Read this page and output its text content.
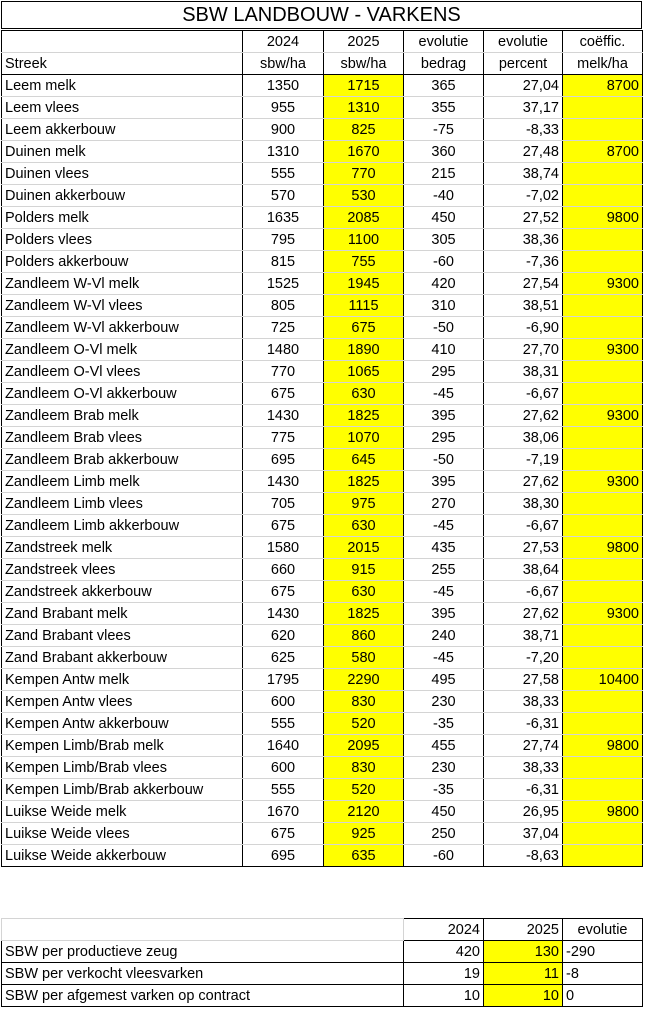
SBW LANDBOUW - VARKENS
	2024	2025	evolutie	evolutie	coëffic.
Streek	sbw/ha	sbw/ha	bedrag	percent	melk/ha
Leem melk	1350	1715	365	27,04	8700
Leem vlees	955	1310	355	37,17	
Leem akkerbouw	900	825	-75	-8,33	
Duinen melk	1310	1670	360	27,48	8700
Duinen vlees	555	770	215	38,74	
Duinen akkerbouw	570	530	-40	-7,02	
Polders melk	1635	2085	450	27,52	9800
Polders vlees	795	1100	305	38,36	
Polders akkerbouw	815	755	-60	-7,36	
Zandleem W-Vl melk	1525	1945	420	27,54	9300
Zandleem W-Vl vlees	805	1115	310	38,51	
Zandleem W-Vl akkerbouw	725	675	-50	-6,90	
Zandleem O-Vl melk	1480	1890	410	27,70	9300
Zandleem O-Vl vlees	770	1065	295	38,31	
Zandleem O-Vl akkerbouw	675	630	-45	-6,67	
Zandleem Brab melk	1430	1825	395	27,62	9300
Zandleem Brab vlees	775	1070	295	38,06	
Zandleem Brab akkerbouw	695	645	-50	-7,19	
Zandleem Limb melk	1430	1825	395	27,62	9300
Zandleem Limb vlees	705	975	270	38,30	
Zandleem Limb akkerbouw	675	630	-45	-6,67	
Zandstreek melk	1580	2015	435	27,53	9800
Zandstreek vlees	660	915	255	38,64	
Zandstreek akkerbouw	675	630	-45	-6,67	
Zand Brabant melk	1430	1825	395	27,62	9300
Zand Brabant vlees	620	860	240	38,71	
Zand Brabant akkerbouw	625	580	-45	-7,20	
Kempen Antw melk	1795	2290	495	27,58	10400
Kempen Antw vlees	600	830	230	38,33	
Kempen Antw akkerbouw	555	520	-35	-6,31	
Kempen Limb/Brab melk	1640	2095	455	27,74	9800
Kempen Limb/Brab vlees	600	830	230	38,33	
Kempen Limb/Brab akkerbouw	555	520	-35	-6,31	
Luikse Weide melk	1670	2120	450	26,95	9800
Luikse Weide vlees	675	925	250	37,04	
Luikse Weide akkerbouw	695	635	-60	-8,63	
	2024	2025	evolutie
SBW per productieve zeug	420	130	-290
SBW per verkocht vleesvarken	19	11	-8
SBW per afgemest varken op contract	10	10	0
